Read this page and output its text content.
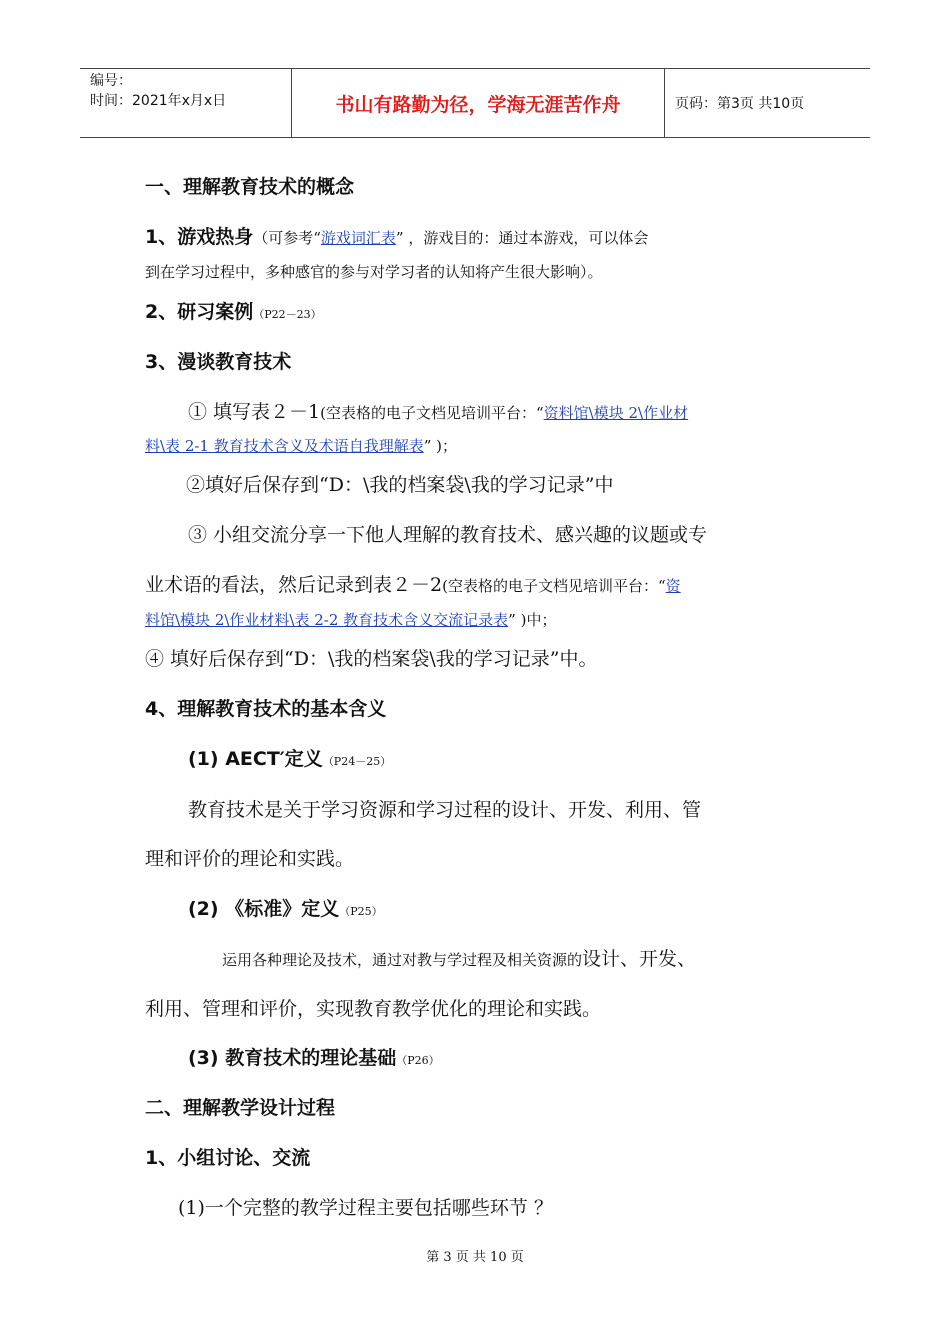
编号：
时间：2021年x月x日	书山有路勤为径，学海无涯苦作舟	页码：第3页 共10页
一、理解教育技术的概念
1、游戏热身（可参考“游戏词汇表” ，游戏目的：通过本游戏，可以体会
到在学习过程中，多种感官的参与对学习者的认知将产生很大影响）。
2、研习案例（P22－23）
3、漫谈教育技术
① 填写表２－1(空表格的电子文档见培训平台：“资料馆\模块 2\作业材
料\表 2-1 教育技术含义及术语自我理解表” )；
②填好后保存到“D：\我的档案袋\我的学习记录”中
③ 小组交流分享一下他人理解的教育技术、感兴趣的议题或专
业术语的看法，然后记录到表２－2(空表格的电子文档见培训平台：“资
料馆\模块 2\作业材料\表 2-2 教育技术含义交流记录表” )中；
④ 填好后保存到“D：\我的档案袋\我的学习记录”中。
4、理解教育技术的基本含义
(1) AECT′定义（P24－25）
教育技术是关于学习资源和学习过程的设计、开发、利用、管
理和评价的理论和实践。
(2) 《标准》定义（P25）
运用各种理论及技术，通过对教与学过程及相关资源的设计、开发、
利用、管理和评价，实现教育教学优化的理论和实践。
(3) 教育技术的理论基础（P26）
二、理解教学设计过程
1、小组讨论、交流
(1)一个完整的教学过程主要包括哪些环节 ？
第 3 页 共 10 页
